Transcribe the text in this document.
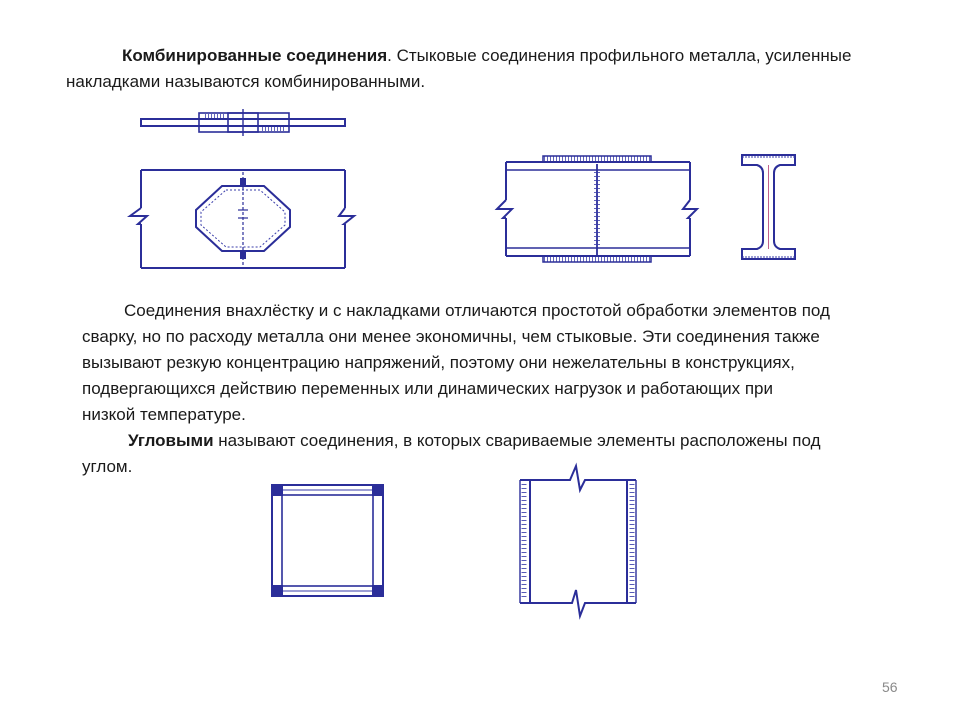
Комбинированные соединения. Стыковые соединения профильного металла, усиленные
накладками называются комбинированными.

Соединения внахлёстку и с накладками отличаются простотой обработки элементов под
сварку, но по расходу металла они менее экономичны, чем стыковые. Эти соединения также
вызывают резкую концентрацию напряжений, поэтому они нежелательны в конструкциях,
подвергающихся действию переменных или динамических нагрузок и работающих при
низкой температуре.

Угловыми называют соединения, в которых свариваемые элементы расположены под
углом.

56
